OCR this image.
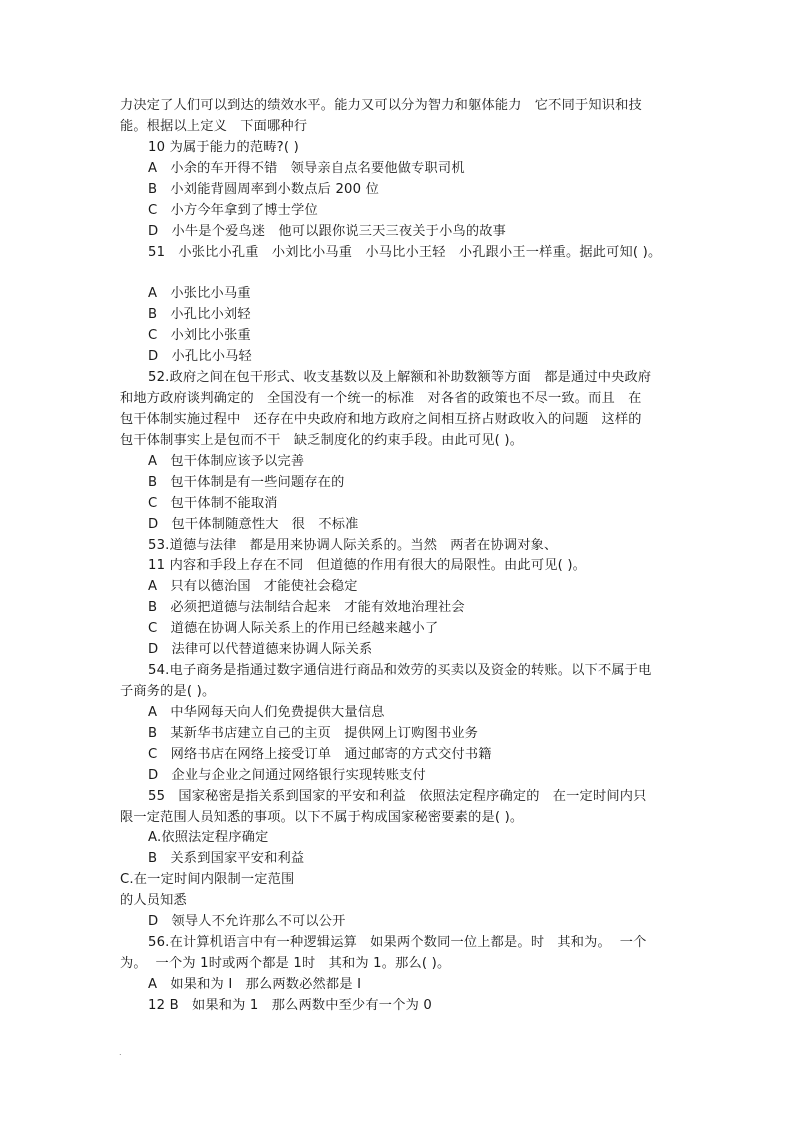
力决定了人们可以到达的绩效水平。能力又可以分为智力和躯体能力   它不同于知识和技
能。根据以上定义   下面哪种行
10 为属于能力的范畴?( )
A   小余的车开得不错   领导亲自点名要他做专职司机
B   小刘能背圆周率到小数点后 200 位
C   小方今年拿到了博士学位
D   小牛是个爱鸟迷   他可以跟你说三天三夜关于小鸟的故事
51   小张比小孔重   小刘比小马重   小马比小王轻   小孔跟小王一样重。据此可知( )。
A   小张比小马重
B   小孔比小刘轻
C   小刘比小张重
D   小孔比小马轻
52.政府之间在包干形式、收支基数以及上解额和补助数额等方面   都是通过中央政府
和地方政府谈判确定的   全国没有一个统一的标准   对各省的政策也不尽一致。而且   在
包干体制实施过程中   还存在中央政府和地方政府之间相互挤占财政收入的问题   这样的
包干体制事实上是包而不干   缺乏制度化的约束手段。由此可见( )。
A   包干体制应该予以完善
B   包干体制是有一些问题存在的
C   包干体制不能取消
D   包干体制随意性大   很   不标准
53.道德与法律   都是用来协调人际关系的。当然   两者在协调对象、
11 内容和手段上存在不同   但道德的作用有很大的局限性。由此可见( )。
A   只有以德治国   才能使社会稳定
B   必须把道德与法制结合起来   才能有效地治理社会
C   道德在协调人际关系上的作用已经越来越小了
D   法律可以代替道德来协调人际关系
54.电子商务是指通过数字通信进行商品和效劳的买卖以及资金的转账。以下不属于电
子商务的是( )。
A   中华网每天向人们免费提供大量信息
B   某新华书店建立自己的主页   提供网上订购图书业务
C   网络书店在网络上接受订单   通过邮寄的方式交付书籍
D   企业与企业之间通过网络银行实现转账支付
55   国家秘密是指关系到国家的平安和利益   依照法定程序确定的   在一定时间内只
限一定范围人员知悉的事项。以下不属于构成国家秘密要素的是( )。
A.依照法定程序确定
B   关系到国家平安和利益
C.在一定时间内限制一定范围
的人员知悉
D   领导人不允许那么不可以公开
56.在计算机语言中有一种逻辑运算   如果两个数同一位上都是。时   其和为。  一个
为。  一个为 1时或两个都是 1时   其和为 1。那么( )。
A   如果和为 I   那么两数必然都是 I
12 B   如果和为 1   那么两数中至少有一个为 0
.
